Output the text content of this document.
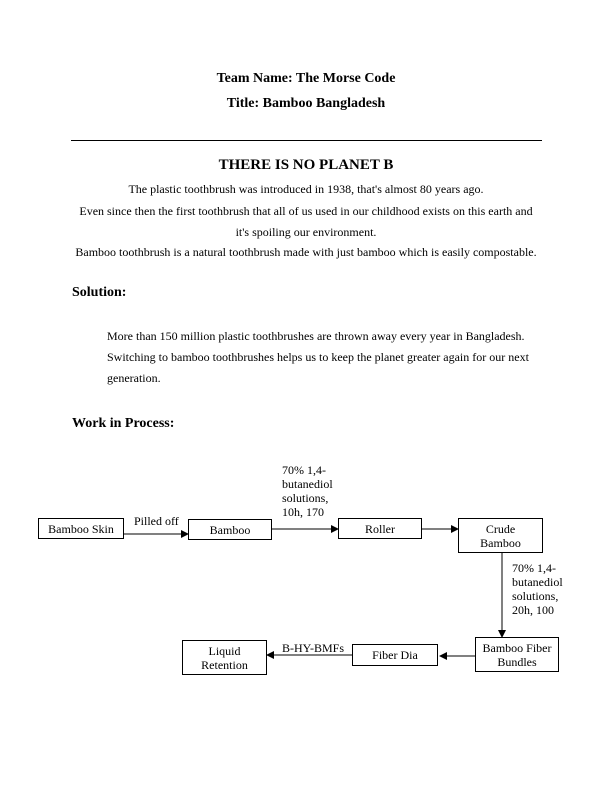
Team Name: The Morse Code
Title: Bamboo Bangladesh
THERE IS NO PLANET B
The plastic toothbrush was introduced in 1938, that's almost 80 years ago.
Even since then the first toothbrush that all of us used in our childhood exists on this earth and
it's spoiling our environment.
Bamboo toothbrush is a natural toothbrush made with just bamboo which is easily compostable.
Solution:
More than 150 million plastic toothbrushes are thrown away every year in Bangladesh.
Switching to bamboo toothbrushes helps us to keep the planet greater again for our next
generation.
Work in Process:
Bamboo Skin	Bamboo	Roller	Crude
Bamboo
Bamboo Fiber
Bundles
Fiber Dia
Liquid
Retention
Pilled off
70% 1,4-
butanediol
solutions,
10h, 170
70% 1,4-
butanediol
solutions,
20h, 100
B-HY-BMFs
